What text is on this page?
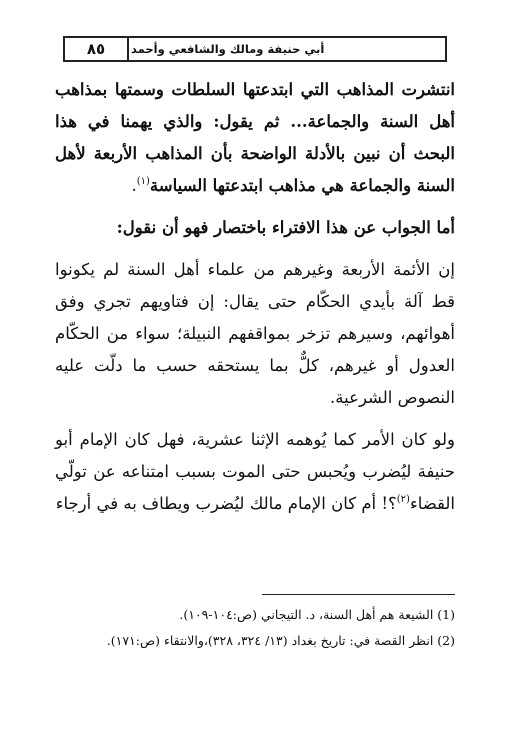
٨٥	أبي حنيفة ومالك والشافعي وأحمد

انتشرت المذاهب التي ابتدعتها السلطات وسمتها بمذاهب أهل السنة والجماعة... ثم يقول: والذي يهمنا في هذا البحث أن نبين بالأدلة الواضحة بأن المذاهب الأربعة لأهل السنة والجماعة هي مذاهب ابتدعتها السياسة$^{(١)}$.

أما الجواب عن هذا الافتراء باختصار فهو أن نقول:

إن الأئمة الأربعة وغيرهم من علماء أهل السنة لم يكونوا قط آلة بأيدي الحكّام حتى يقال: إن فتاويهم تجري وفق أهوائهم، وسيرهم تزخر بمواقفهم النبيلة؛ سواء من الحكّام العدول أو غيرهم، كلٌّ بما يستحقه حسب ما دلّت عليه النصوص الشرعية.

ولو كان الأمر كما يُوهمه الإثنا عشرية، فهل كان الإمام أبو حنيفة ليُضرب ويُحبس حتى الموت بسبب امتناعه عن تولّي القضاء$^{(٢)}$؟! أم كان الإمام مالك ليُضرب ويطاف به في أرجاء

(1) الشيعة هم أهل السنة، د. التيجاني (ص:١٠٤-١٠٩).

(2) انظر القصة في: تاريخ بغداد (١٣/ ٣٢٤، ٣٢٨)،والانتقاء (ص:١٧١).
